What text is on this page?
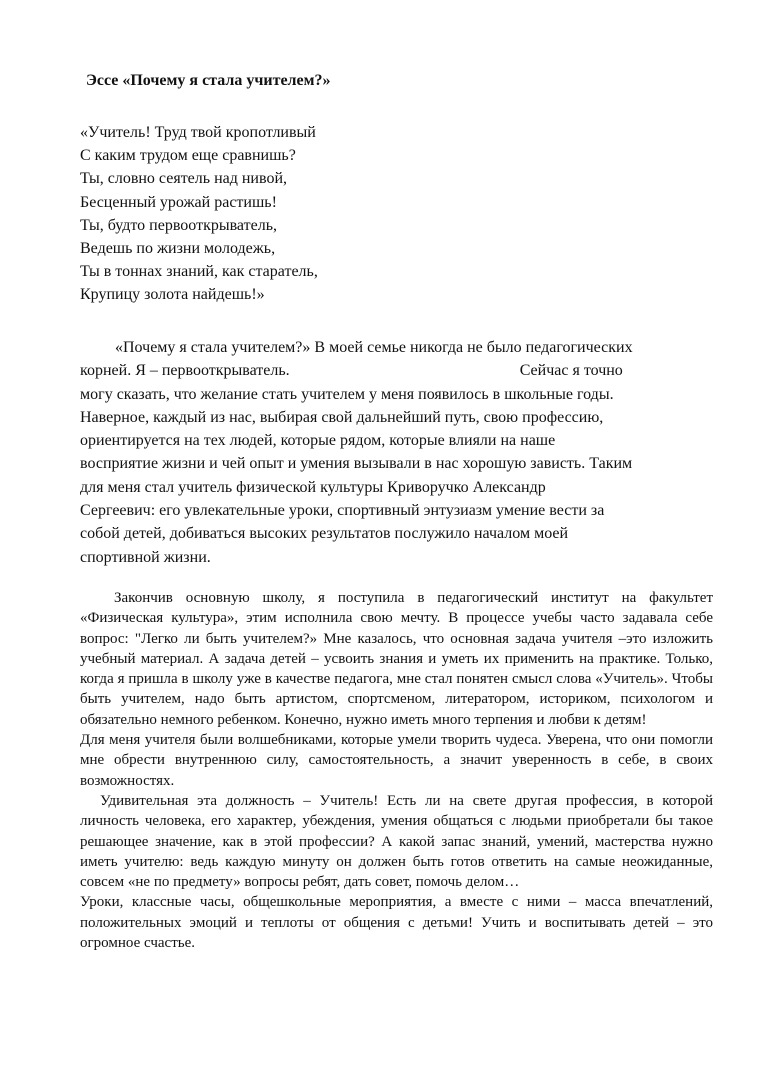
Эссе «Почему я стала учителем?»
«Учитель! Труд твой кропотливый
С каким трудом еще сравнишь?
Ты, словно сеятель над нивой,
Бесценный урожай растишь!
Ты, будто первооткрыватель,
Ведешь по жизни молодежь,
Ты в тоннах знаний, как старатель,
Крупицу золота найдешь!»
«Почему я стала учителем?» В моей семье никогда не было педагогических
корней. Я – первооткрыватель.	Сейчас я точно
могу сказать, что желание стать учителем у меня появилось в школьные годы.
Наверное, каждый из нас, выбирая свой дальнейший путь, свою профессию,
ориентируется на тех людей, которые рядом, которые влияли на наше
восприятие жизни и чей опыт и умения вызывали в нас хорошую зависть. Таким
для меня стал учитель физической культуры Криворучко Александр
Сергеевич: его увлекательные уроки, спортивный энтузиазм умение вести за
собой детей, добиваться высоких результатов послужило началом моей
спортивной жизни.

Закончив основную школу, я поступила в педагогический институт на факультет «Физическая культура», этим исполнила свою мечту. В процессе учебы часто задавала себе вопрос: "Легко ли быть учителем?» Мне казалось, что основная задача учителя –это изложить учебный материал. А задача детей – усвоить знания и уметь их применить на практике. Только, когда я пришла в школу уже в качестве педагога, мне стал понятен смысл слова «Учитель». Чтобы быть учителем, надо быть артистом, спортсменом, литератором, историком, психологом и обязательно немного ребенком. Конечно, нужно иметь много терпения и любви к детям!

Для меня учителя были волшебниками, которые умели творить чудеса. Уверена, что они помогли мне обрести внутреннюю силу, самостоятельность, а значит уверенность в себе, в своих возможностях.

Удивительная эта должность – Учитель! Есть ли на свете другая профессия, в которой личность человека, его характер, убеждения, умения общаться с людьми приобретали бы такое решающее значение, как в этой профессии? А какой запас знаний, умений, мастерства нужно иметь учителю: ведь каждую минуту он должен быть готов ответить на самые неожиданные, совсем «не по предмету» вопросы ребят, дать совет, помочь делом…

Уроки, классные часы, общешкольные мероприятия, а вместе с ними – масса впечатлений, положительных эмоций и теплоты от общения с детьми! Учить и воспитывать детей – это огромное счастье.
